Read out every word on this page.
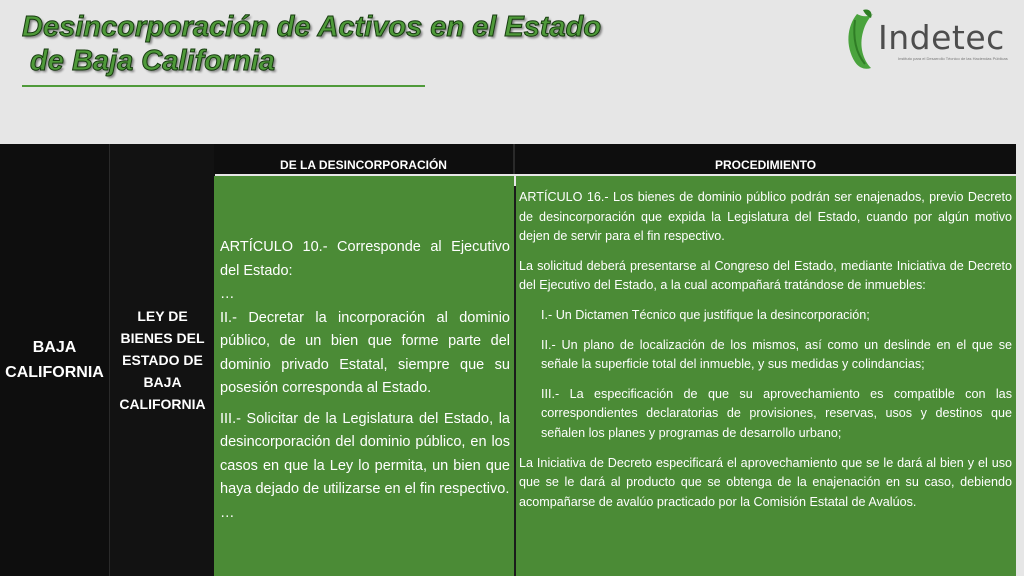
Desincorporación de Activos en el Estado
de Baja California
Indetec
Instituto para el Desarrollo Técnico de las Haciendas Públicas
BAJA CALIFORNIA
LEY DE BIENES DEL ESTADO DE BAJA CALIFORNIA
DE LA DESINCORPORACIÓN	PROCEDIMIENTO

ARTÍCULO 10.- Corresponde al Ejecutivo del Estado:

…

II.- Decretar la incorporación al dominio público, de un bien que forme parte del dominio privado Estatal, siempre que su posesión corresponda al Estado.

III.- Solicitar de la Legislatura del Estado, la desincorporación del dominio público, en los casos en que la Ley lo permita, un bien que haya dejado de utilizarse en el fin respectivo.

…

ARTÍCULO 16.- Los bienes de dominio público podrán ser enajenados, previo Decreto de desincorporación que expida la Legislatura del Estado, cuando por algún motivo dejen de servir para el fin respectivo.

La solicitud deberá presentarse al Congreso del Estado, mediante Iniciativa de Decreto del Ejecutivo del Estado, a la cual acompañará tratándose de inmuebles:

I.- Un Dictamen Técnico que justifique la desincorporación;

II.- Un plano de localización de los mismos, así como un deslinde en el que se señale la superficie total del inmueble, y sus medidas y colindancias;

III.- La especificación de que su aprovechamiento es compatible con las correspondientes declaratorias de provisiones, reservas, usos y destinos que señalen los planes y programas de desarrollo urbano;

La Iniciativa de Decreto especificará el aprovechamiento que se le dará al bien y el uso que se le dará al producto que se obtenga de la enajenación en su caso, debiendo acompañarse de avalúo practicado por la Comisión Estatal de Avalúos.
